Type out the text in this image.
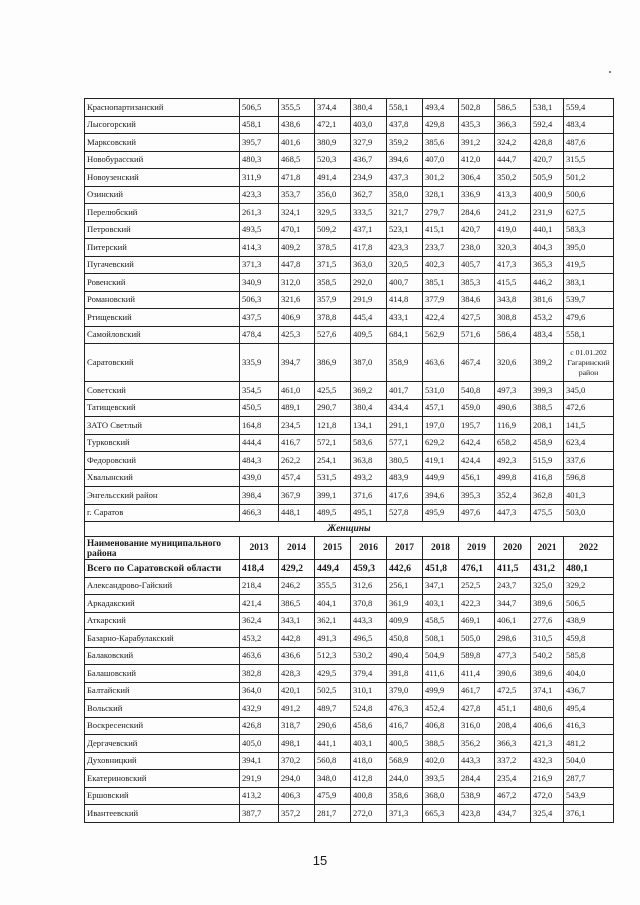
Краснопартизанский	506,5	355,5	374,4	380,4	558,1	493,4	502,8	586,5	538,1	559,4
Лысогорский	458,1	438,6	472,1	403,0	437,8	429,8	435,3	366,3	592,4	483,4
Марксовский	395,7	401,6	380,9	327,9	359,2	385,6	391,2	324,2	428,8	487,6
Новобурасский	480,3	468,5	520,3	436,7	394,6	407,0	412,0	444,7	420,7	315,5
Новоузенский	311,9	471,8	491,4	234,9	437,3	301,2	306,4	350,2	505,9	501,2
Озинский	423,3	353,7	356,0	362,7	358,0	328,1	336,9	413,3	400,9	500,6
Перелюбский	261,3	324,1	329,5	333,5	321,7	279,7	284,6	241,2	231,9	627,5
Петровский	493,5	470,1	509,2	437,1	523,1	415,1	420,7	419,0	440,1	583,3
Питерский	414,3	409,2	378,5	417,8	423,3	233,7	238,0	320,3	404,3	395,0
Пугачевский	371,3	447,8	371,5	363,0	320,5	402,3	405,7	417,3	365,3	419,5
Ровенский	340,9	312,0	358,5	292,0	400,7	385,1	385,3	415,5	446,2	383,1
Романовский	506,3	321,6	357,9	291,9	414,8	377,9	384,6	343,8	381,6	539,7
Ртищевский	437,5	406,9	378,8	445,4	433,1	422,4	427,5	308,8	453,2	479,6
Самойловский	478,4	425,3	527,6	409,5	684,1	562,9	571,6	586,4	483,4	558,1
Саратовский	335,9	394,7	386,9	387,0	358,9	463,6	467,4	320,6	389,2	с 01.01.202 Гагаринский район
Советский	354,5	461,0	425,5	369,2	401,7	531,0	540,8	497,3	399,3	345,0
Татищевский	450,5	489,1	290,7	380,4	434,4	457,1	459,0	490,6	388,5	472,6
ЗАТО Светлый	164,8	234,5	121,8	134,1	291,1	197,0	195,7	116,9	208,1	141,5
Турковский	444,4	416,7	572,1	583,6	577,1	629,2	642,4	658,2	458,9	623,4
Федоровский	484,3	262,2	254,1	363,8	380,5	419,1	424,4	492,3	515,9	337,6
Хвалынский	439,0	457,4	531,5	493,2	483,9	449,9	456,1	499,8	416,8	596,8
Энгельсский район	398,4	367,9	399,1	371,6	417,6	394,6	395,3	352,4	362,8	401,3
г. Саратов	466,3	448,1	489,5	495,1	527,8	495,9	497,6	447,3	475,5	503,0
Женщины										
Наименование муниципального района	2013	2014	2015	2016	2017	2018	2019	2020	2021	2022
Всего по Саратовской области	418,4	429,2	449,4	459,3	442,6	451,8	476,1	411,5	431,2	480,1
Александрово-Гайский	218,4	246,2	355,5	312,6	256,1	347,1	252,5	243,7	325,0	329,2
Аркадакский	421,4	386,5	404,1	370,8	361,9	403,1	422,3	344,7	389,6	506,5
Аткарский	362,4	343,1	362,1	443,3	409,9	458,5	469,1	406,1	277,6	438,9
Базарно-Карабулакский	453,2	442,8	491,3	496,5	450,8	508,1	505,0	298,6	310,5	459,8
Балаковский	463,6	436,6	512,3	530,2	490,4	504,9	589,8	477,3	540,2	585,8
Балашовский	382,8	428,3	429,5	379,4	391,8	411,6	411,4	390,6	389,6	404,0
Балтайский	364,0	420,1	502,5	310,1	379,0	499,9	461,7	472,5	374,1	436,7
Вольский	432,9	491,2	489,7	524,8	476,3	452,4	427,8	451,1	480,6	495,4
Воскресенский	426,8	318,7	290,6	458,6	416,7	406,8	316,0	208,4	406,6	416,3
Дергачевский	405,0	498,1	441,1	403,1	400,5	388,5	356,2	366,3	421,3	481,2
Духовницкий	394,1	370,2	560,8	418,0	568,9	402,0	443,3	337,2	432,3	504,0
Екатериновский	291,9	294,0	348,0	412,8	244,0	393,5	284,4	235,4	216,9	287,7
Ершовский	413,2	406,3	475,9	400,8	358,6	368,0	538,9	467,2	472,0	543,9
Ивантеевский	387,7	357,2	281,7	272,0	371,3	665,3	423,8	434,7	325,4	376,1
15
